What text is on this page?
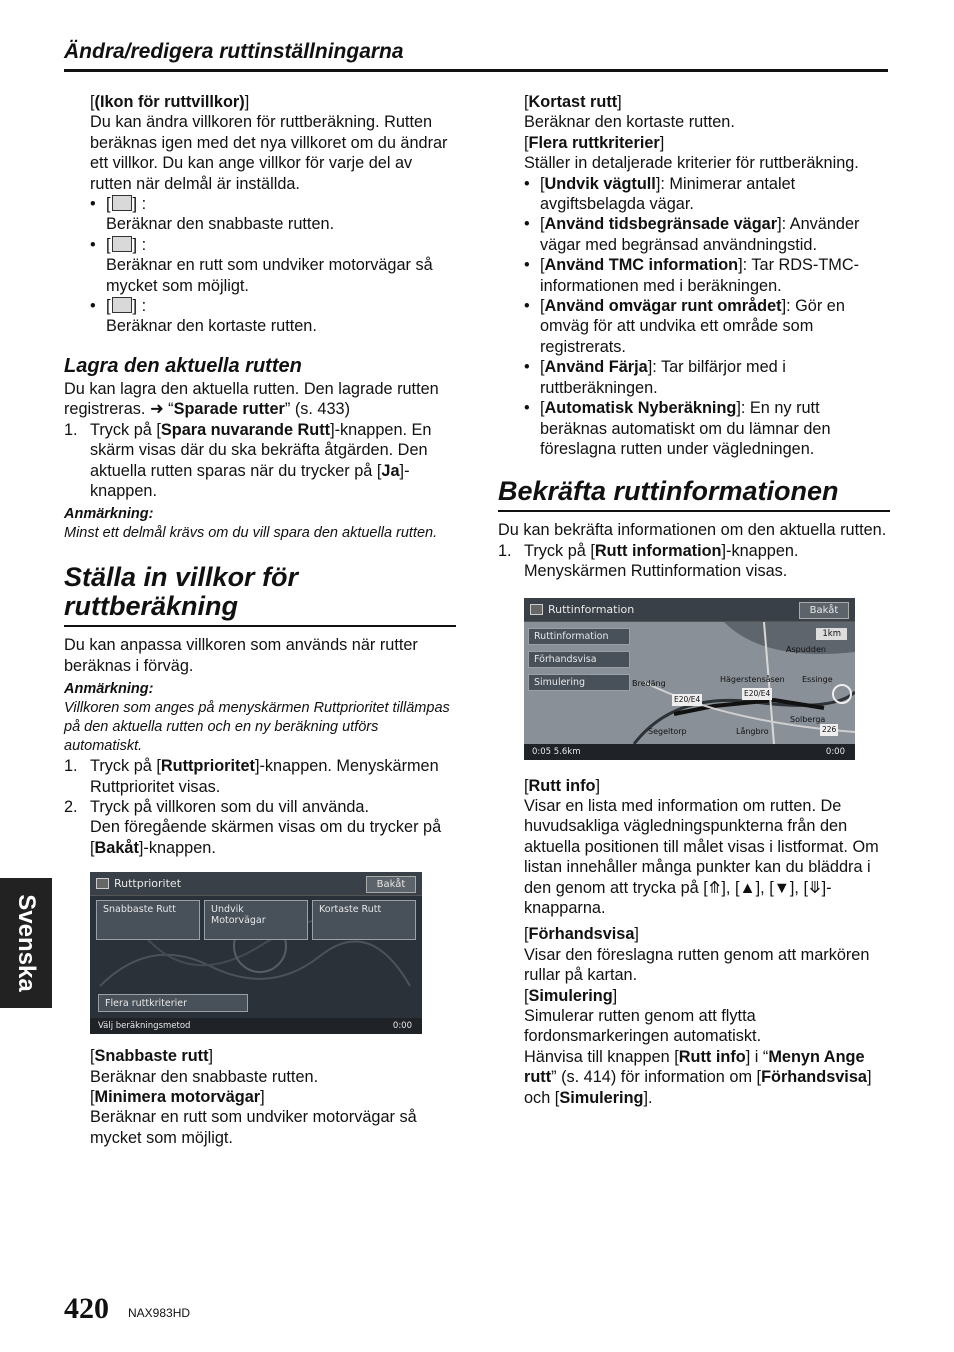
Ändra/redigera ruttinställningarna

[(Ikon för ruttvillkor)]

Du kan ändra villkoren för ruttberäkning. Rutten beräknas igen med det nya villkoret om du ändrar ett villkor. Du kan ange villkor för varje del av rutten när delmål är inställda.

• [ ] :
Beräknar den snabbaste rutten.
• [ ] :
Beräknar en rutt som undviker motorvägar så mycket som möjligt.
• [ ] :
Beräknar den kortaste rutten.
Lagra den aktuella rutten

Du kan lagra den aktuella rutten. Den lagrade rutten registreras. ➜ “Sparade rutter” (s. 433)

1. Tryck på [Spara nuvarande Rutt]-knappen. En skärm visas där du ska bekräfta åtgärden. Den aktuella rutten sparas när du trycker på [Ja]-knappen.

Anmärkning:

Minst ett delmål krävs om du vill spara den aktuella rutten.

Ställa in villkor för ruttberäkning

Du kan anpassa villkoren som används när rutter beräknas i förväg.

Anmärkning:

Villkoren som anges på menyskärmen Ruttprioritet tillämpas på den aktuella rutten och en ny beräkning utförs automatiskt.

1. Tryck på [Ruttprioritet]-knappen. Menyskärmen Ruttprioritet visas.
2. Tryck på villkoren som du vill använda.
Den föregående skärmen visas om du trycker på [Bakåt]-knappen.
Ruttprioritet	Bakåt
Snabbaste Rutt	Undvik Motorvägar
Kortaste Rutt
Flera ruttkriterier
Välj beräkningsmetod	0:00

[Snabbaste rutt]

Beräknar den snabbaste rutten.

[Minimera motorvägar]

Beräknar en rutt som undviker motorvägar så mycket som möjligt.

[Kortast rutt]

Beräknar den kortaste rutten.

[Flera ruttkriterier]

Ställer in detaljerade kriterier för ruttberäkning.

• [Undvik vägtull]: Minimerar antalet avgiftsbelagda vägar.
• [Använd tidsbegränsade vägar]: Använder vägar med begränsad användningstid.
• [Använd TMC information]: Tar RDS-TMC-informationen med i beräkningen.
• [Använd omvägar runt området]: Gör en omväg för att undvika ett område som registrerats.
• [Använd Färja]: Tar bilfärjor med i ruttberäkningen.
• [Automatisk Nyberäkning]: En ny rutt beräknas automatiskt om du lämnar den föreslagna rutten under vägledningen.
Bekräfta ruttinformationen

Du kan bekräfta informationen om den aktuella rutten.

1. Tryck på [Rutt information]-knappen. Menyskärmen Ruttinformation visas.
Ruttinformation	Bakåt
Ruttinformation
Förhandsvisa
Simulering
1km
Aspudden
Hägerstensåsen Essinge
Segeltorp	Långbro
Solberga
Bredäng
E20/E4
E20/E4
226
0:05 5.6km	0:00

[Rutt info]

Visar en lista med information om rutten. De huvudsakliga vägledningspunkterna från den aktuella positionen till målet visas i listformat. Om listan innehåller många punkter kan du bläddra i den genom att trycka på [⤊], [▲], [▼], [⤋]-knapparna.

[Förhandsvisa]

Visar den föreslagna rutten genom att markören rullar på kartan.

[Simulering]

Simulerar rutten genom att flytta fordonsmarkeringen automatiskt.

Hänvisa till knappen [Rutt info] i “Menyn Ange rutt” (s. 414) för information om [Förhandsvisa] och [Simulering].

Svenska
420 NAX983HD
